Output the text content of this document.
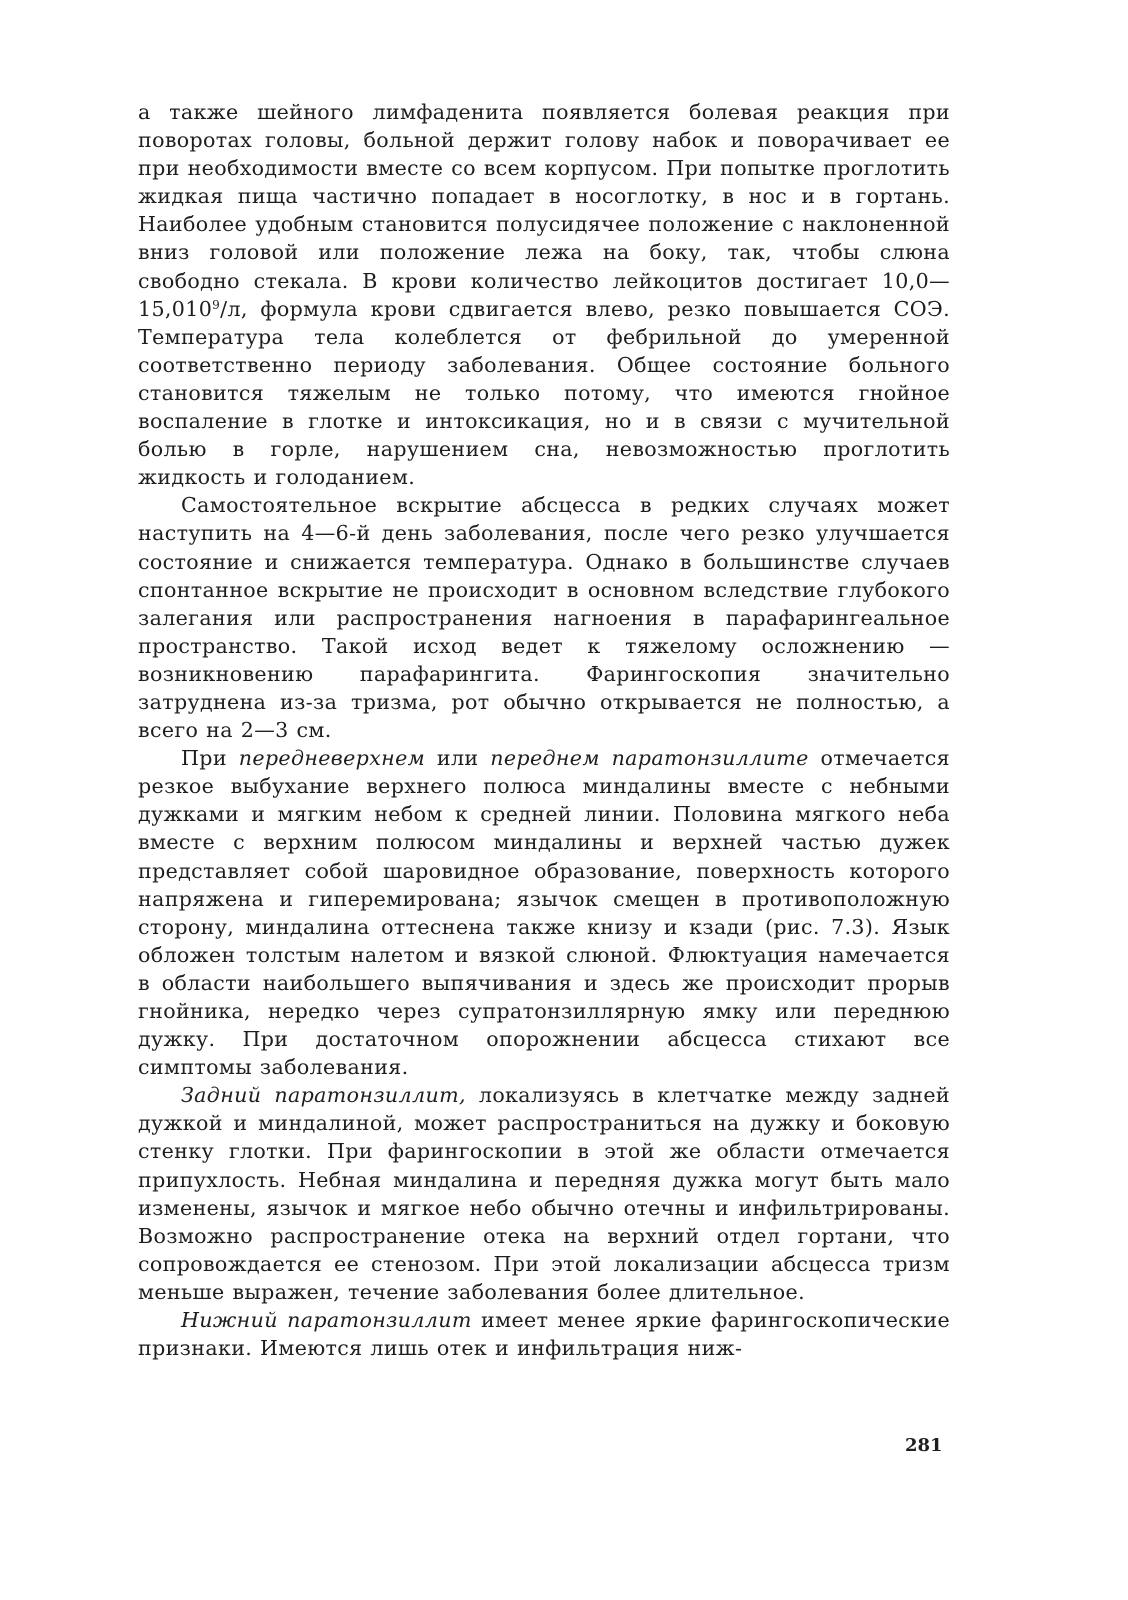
а также шейного лимфаденита появляется болевая реакция при поворотах головы, больной держит голову набок и поворачивает ее при необходимости вместе со всем корпусом. При попытке проглотить жидкая пища частично попадает в носоглотку, в нос и в гортань. Наиболее удобным становится полусидячее положение с наклоненной вниз головой или положение лежа на боку, так, чтобы слюна свободно стекала. В крови количество лейкоцитов достигает 10,0—15,010$^9$/л, формула крови сдвигается влево, резко повышается СОЭ. Температура тела колеблется от фебрильной до умеренной соответственно периоду заболевания. Общее состояние больного становится тяжелым не только потому, что имеются гнойное воспаление в глотке и интоксикация, но и в связи с мучительной болью в горле, нарушением сна, невозможностью проглотить жидкость и голоданием.

Самостоятельное вскрытие абсцесса в редких случаях может наступить на 4—6-й день заболевания, после чего резко улучшается состояние и снижается температура. Однако в большинстве случаев спонтанное вскрытие не происходит в основном вследствие глубокого залегания или распространения нагноения в парафарингеальное пространство. Такой исход ведет к тяжелому осложнению — возникновению парафарингита. Фарингоскопия значительно затруднена из-за тризма, рот обычно открывается не полностью, а всего на 2—3 см.

При передневерхнем или переднем паратонзиллите отмечается резкое выбухание верхнего полюса миндалины вместе с небными дужками и мягким небом к средней линии. Половина мягкого неба вместе с верхним полюсом миндалины и верхней частью дужек представляет собой шаровидное образование, поверхность которого напряжена и гиперемирована; язычок смещен в противоположную сторону, миндалина оттеснена также книзу и кзади (рис. 7.3). Язык обложен толстым налетом и вязкой слюной. Флюктуация намечается в области наибольшего выпячивания и здесь же происходит прорыв гнойника, нередко через супратонзиллярную ямку или переднюю дужку. При достаточном опорожнении абсцесса стихают все симптомы заболевания.

Задний паратонзиллит, локализуясь в клетчатке между задней дужкой и миндалиной, может распространиться на дужку и боковую стенку глотки. При фарингоскопии в этой же области отмечается припухлость. Небная миндалина и передняя дужка могут быть мало изменены, язычок и мягкое небо обычно отечны и инфильтрированы. Возможно распространение отека на верхний отдел гортани, что сопровождается ее стенозом. При этой локализации абсцесса тризм меньше выражен, течение заболевания более длительное.

Нижний паратонзиллит имеет менее яркие фарингоскопические признаки. Имеются лишь отек и инфильтрация ниж-

281
